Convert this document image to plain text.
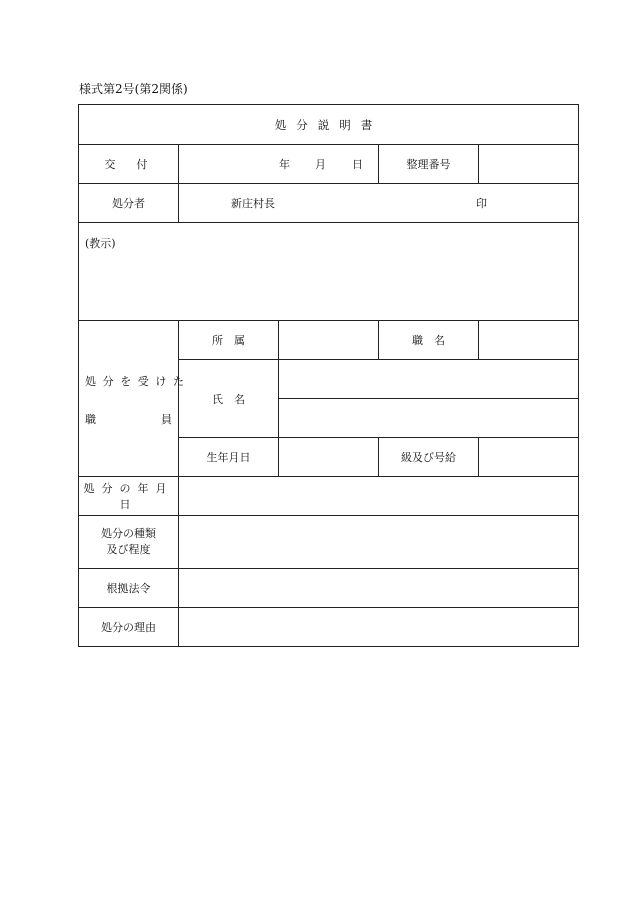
様式第2号(第2関係)
処分説明書				
交　付	年 月 日		整理番号	
処分者	新庄村長 印			

(教示)				

処分を受けた
職 員	所　属		職　名	
	氏　名			

	生年月日		級及び号給	
処分の年月日				

処分の種類
及び程度				

根拠法令				
処分の理由				
